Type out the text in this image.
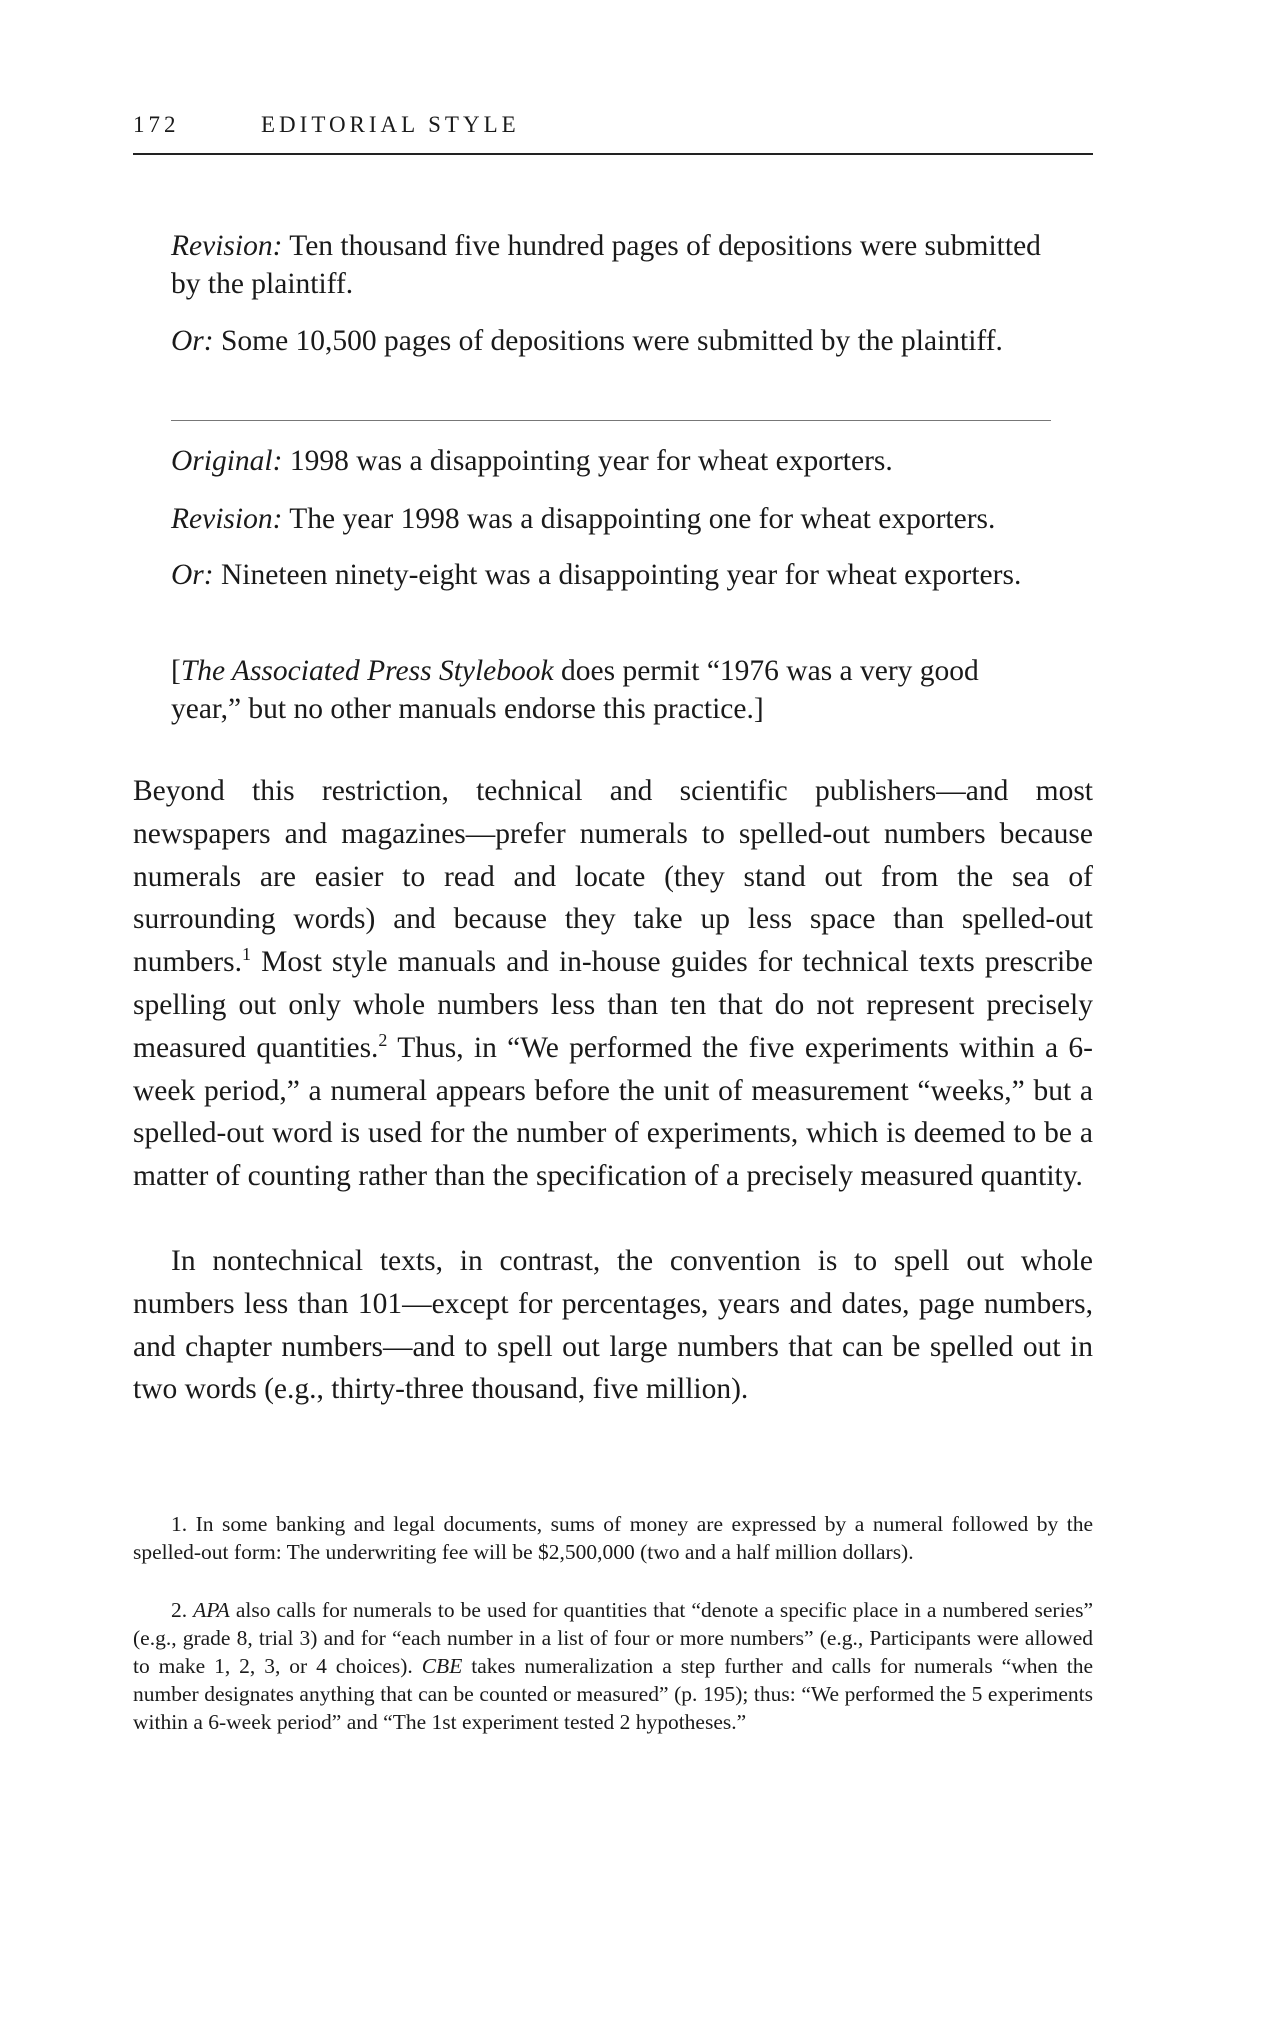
172	EDITORIAL STYLE

Revision: Ten thousand five hundred pages of depositions were submitted by the plaintiff.

Or: Some 10,500 pages of depositions were submitted by the plaintiff.

Original: 1998 was a disappointing year for wheat exporters.

Revision: The year 1998 was a disappointing one for wheat exporters.

Or: Nineteen ninety-eight was a disappointing year for wheat exporters.

[The Associated Press Stylebook does permit “1976 was a very good year,” but no other manuals endorse this practice.]

Beyond this restriction, technical and scientific publishers—and most newspapers and magazines—prefer numerals to spelled-out numbers because numerals are easier to read and locate (they stand out from the sea of surrounding words) and because they take up less space than spelled-out numbers.$^1$ Most style manuals and in-house guides for technical texts prescribe spelling out only whole numbers less than ten that do not represent precisely measured quantities.$^2$ Thus, in “We performed the five experiments within a 6-week period,” a numeral appears before the unit of measurement “weeks,” but a spelled-out word is used for the number of experiments, which is deemed to be a matter of counting rather than the specification of a precisely measured quantity.

In nontechnical texts, in contrast, the convention is to spell out whole numbers less than 101—except for percentages, years and dates, page numbers, and chapter numbers—and to spell out large numbers that can be spelled out in two words (e.g., thirty-three thousand, five million).

1. In some banking and legal documents, sums of money are expressed by a numeral followed by the spelled-out form: The underwriting fee will be $2,500,000 (two and a half million dollars).

2. APA also calls for numerals to be used for quantities that “denote a specific place in a numbered series” (e.g., grade 8, trial 3) and for “each number in a list of four or more numbers” (e.g., Participants were allowed to make 1, 2, 3, or 4 choices). CBE takes numeralization a step further and calls for numerals “when the number designates anything that can be counted or measured” (p. 195); thus: “We performed the 5 experiments within a 6-week period” and “The 1st experiment tested 2 hypotheses.”
